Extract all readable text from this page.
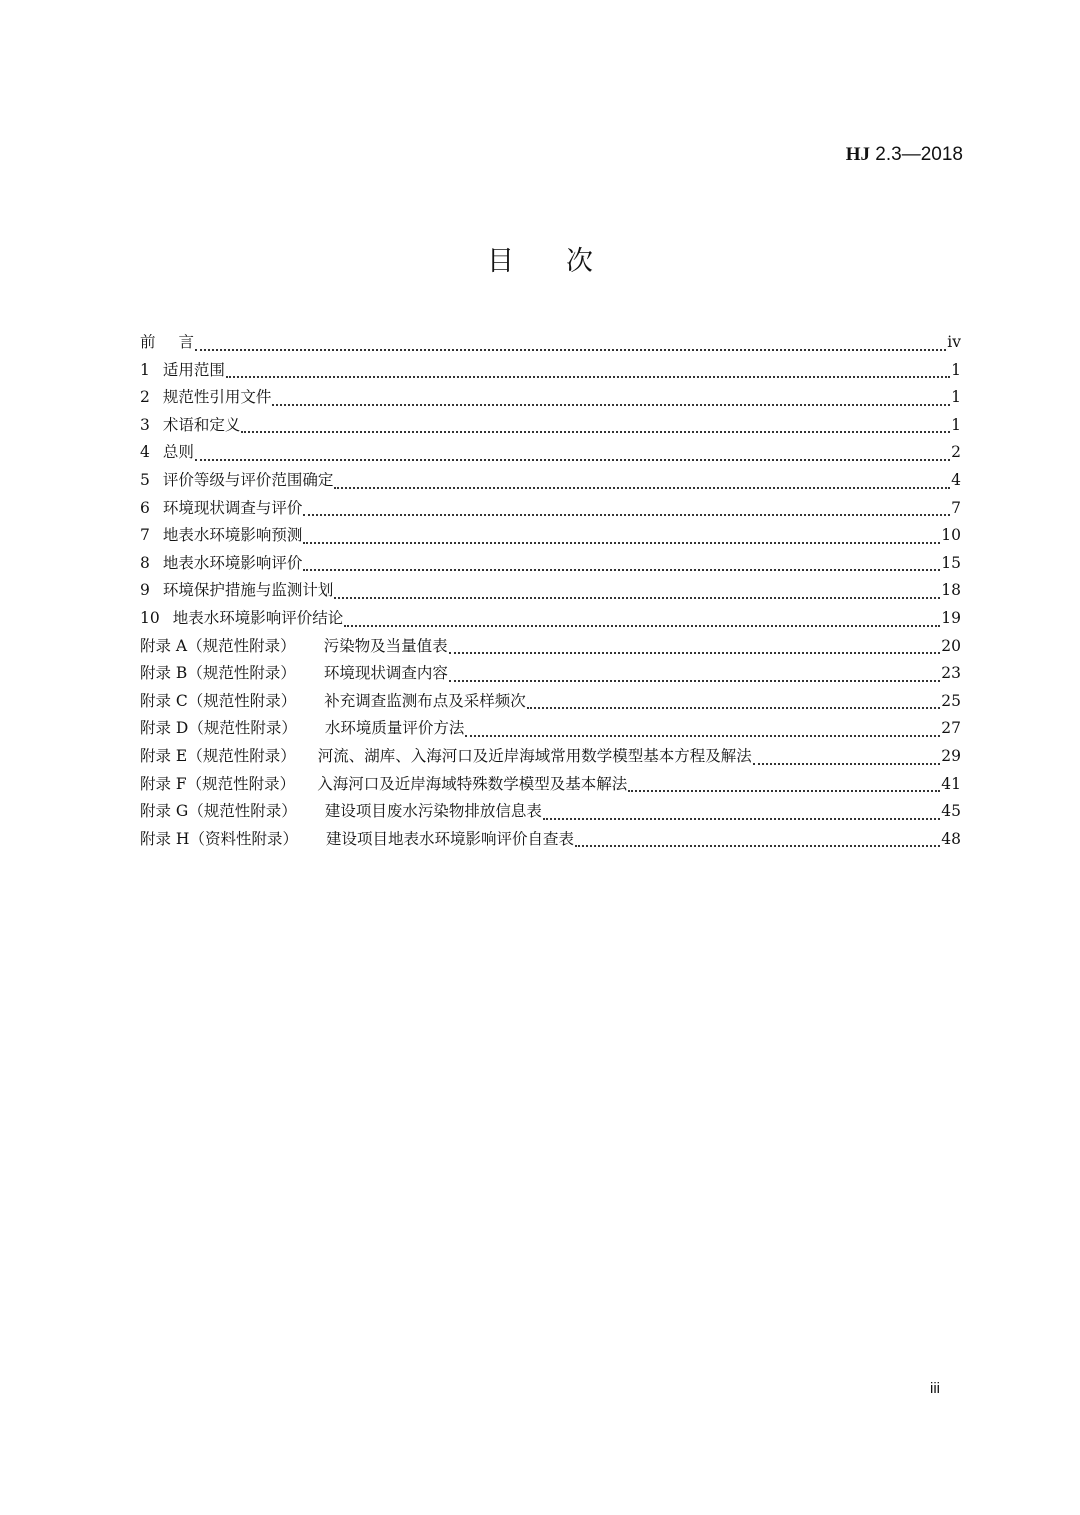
HJ 2.3—2018
目 次
前 言	iv
1 适用范围	1
2 规范性引用文件	1
3 术语和定义	1
4 总则	2
5 评价等级与评价范围确定	4
6 环境现状调查与评价	7
7 地表水环境影响预测	10
8 地表水环境影响评价	15
9 环境保护措施与监测计划	18
10 地表水环境影响评价结论	19
附录 A（规范性附录） 污染物及当量值表	20
附录 B（规范性附录） 环境现状调查内容	23
附录 C（规范性附录） 补充调查监测布点及采样频次	25
附录 D（规范性附录） 水环境质量评价方法	27
附录 E（规范性附录） 河流、湖库、入海河口及近岸海域常用数学模型基本方程及解法	29
附录 F（规范性附录） 入海河口及近岸海域特殊数学模型及基本解法	41
附录 G（规范性附录） 建设项目废水污染物排放信息表	45
附录 H（资料性附录） 建设项目地表水环境影响评价自查表	48
iii
